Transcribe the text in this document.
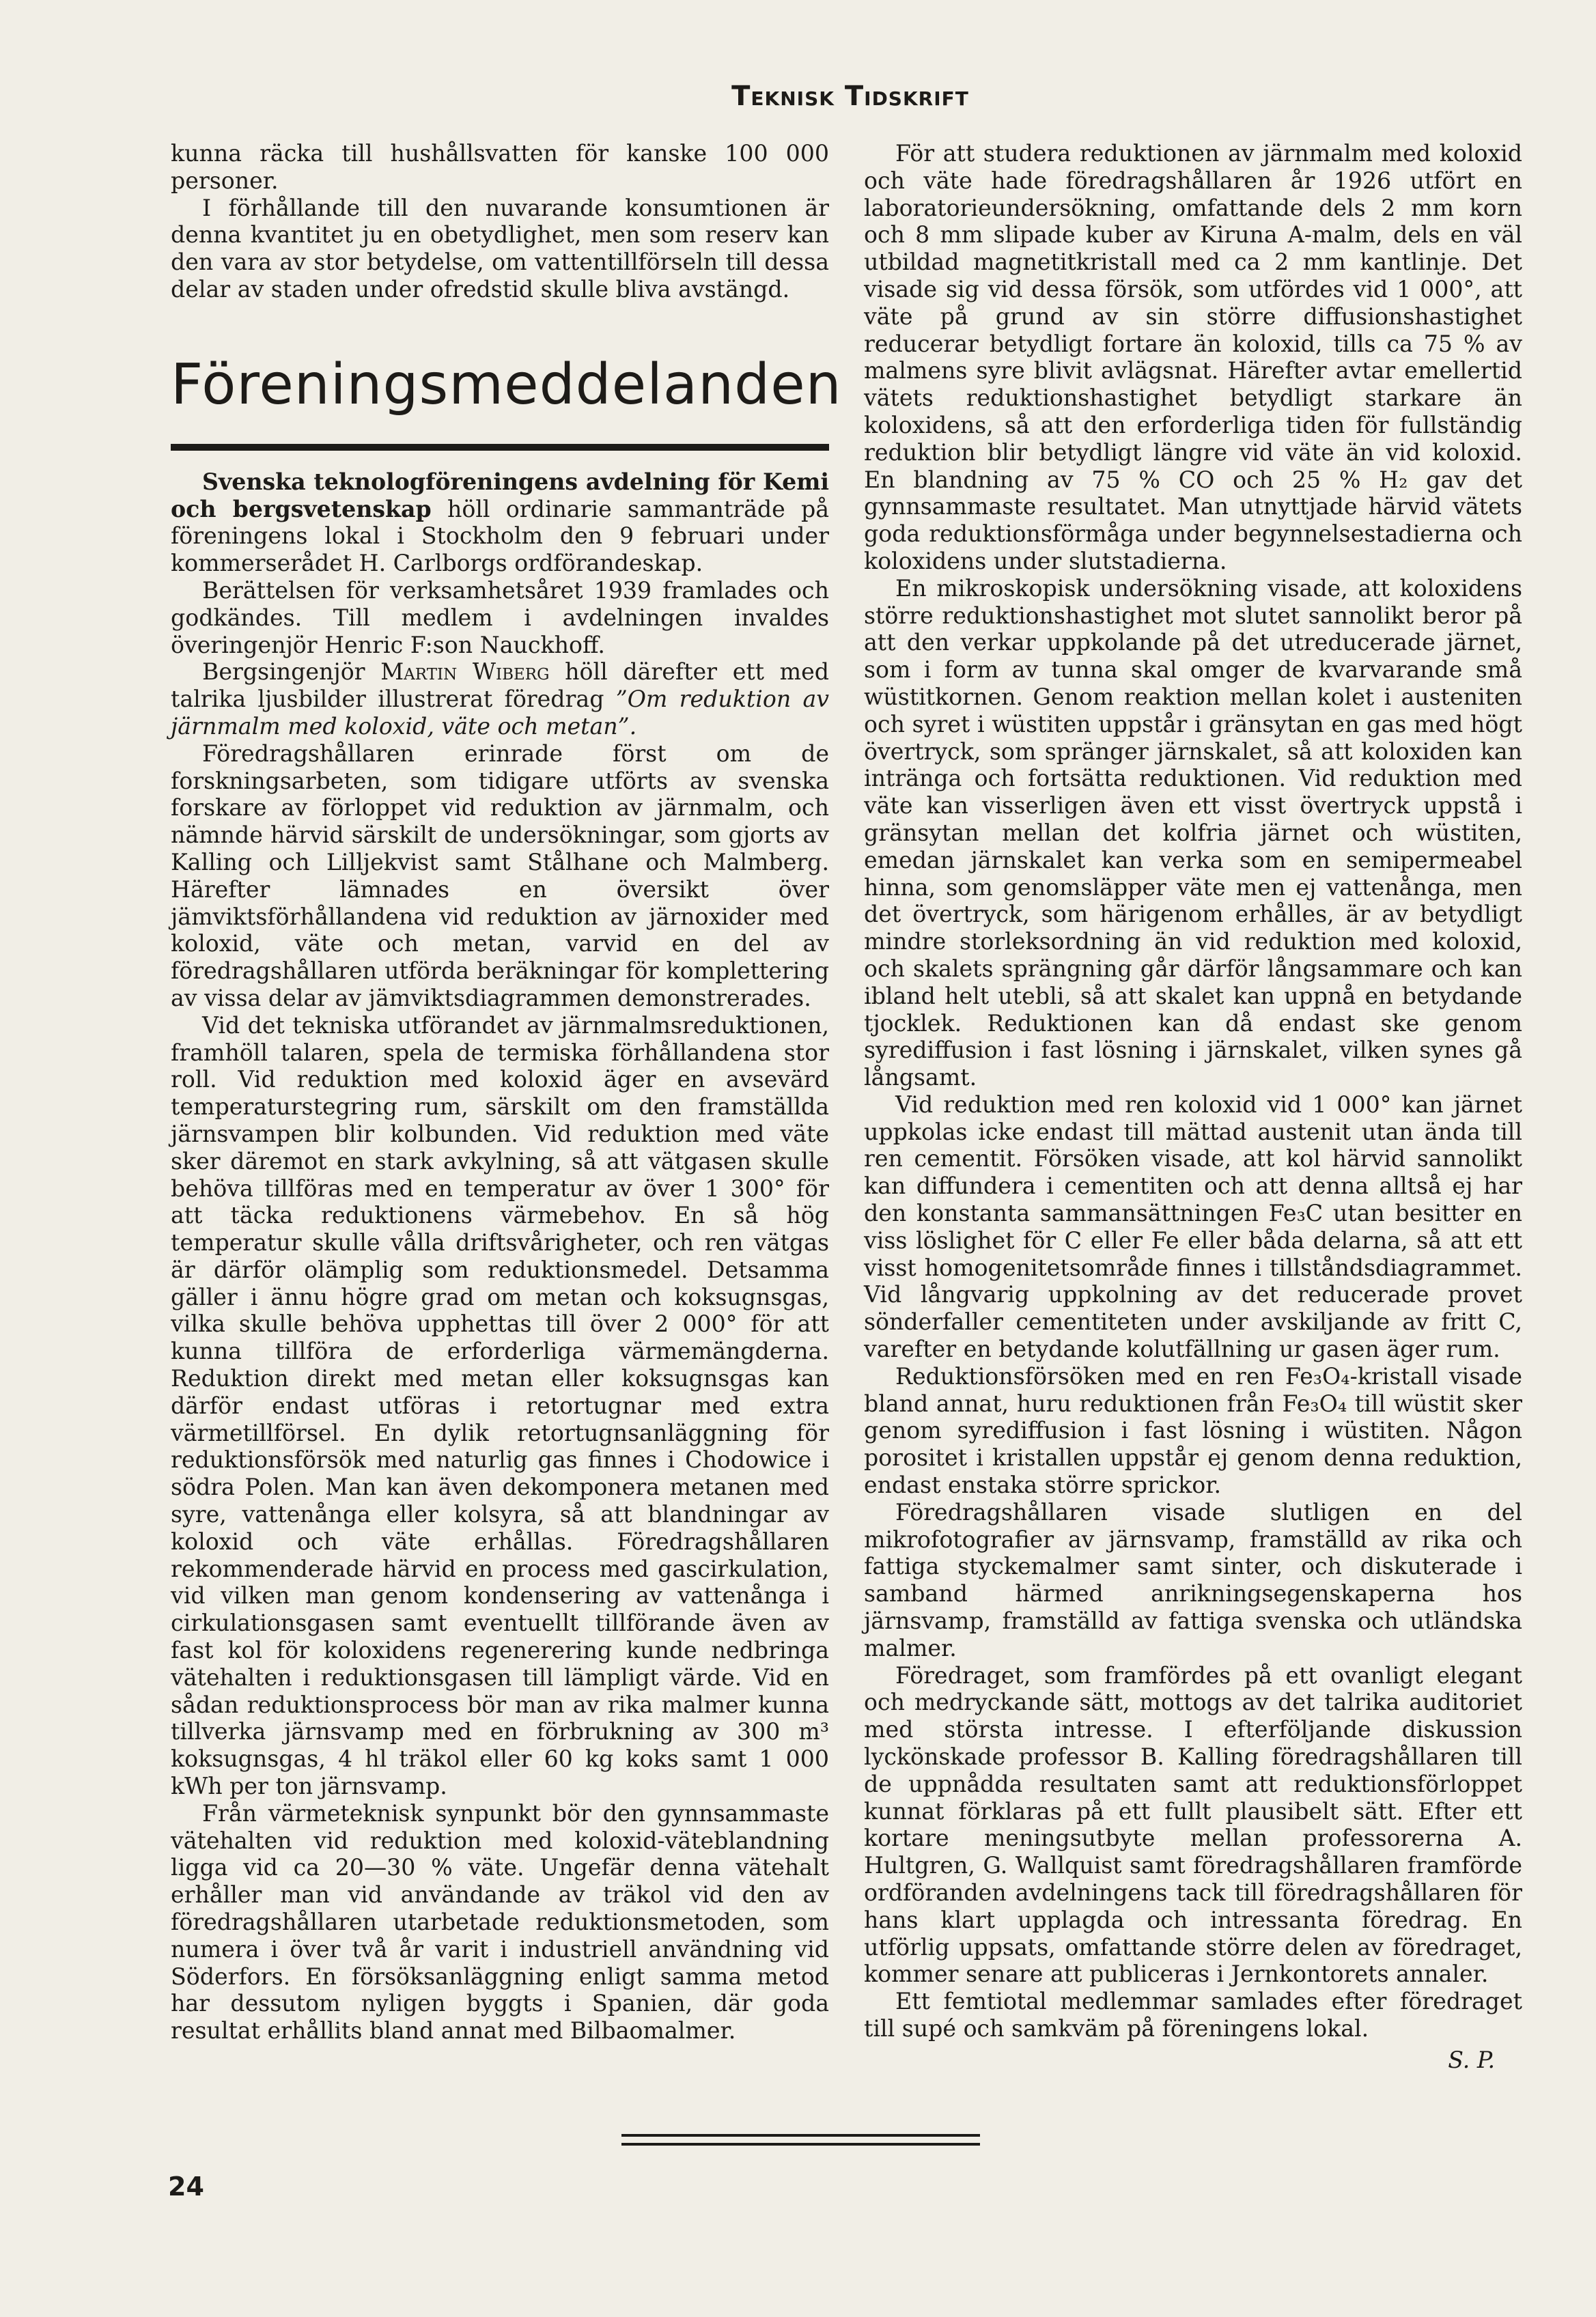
Teknisk Tidskrift

kunna räcka till hushållsvatten för kanske 100 000 personer.

I förhållande till den nuvarande konsumtionen är denna kvantitet ju en obetydlighet, men som reserv kan den vara av stor betydelse, om vattentillförseln till dessa delar av staden under ofredstid skulle bliva avstängd.

Föreningsmeddelanden

Svenska teknologföreningens avdelning för Kemi och bergsvetenskap höll ordinarie sammanträde på föreningens lokal i Stockholm den 9 februari under kommerserådet H. Carlborgs ordförandeskap.

Berättelsen för verksamhetsåret 1939 framlades och godkändes. Till medlem i avdelningen invaldes överingenjör Henric F:son Nauckhoff.

Bergsingenjör Martin Wiberg höll därefter ett med talrika ljusbilder illustrerat föredrag ”Om reduktion av järnmalm med koloxid, väte och metan”.

Föredragshållaren erinrade först om de forskningsarbeten, som tidigare utförts av svenska forskare av förloppet vid reduktion av järnmalm, och nämnde härvid särskilt de undersökningar, som gjorts av Kalling och Lilljekvist samt Stålhane och Malmberg. Härefter lämnades en översikt över jämviktsförhållandena vid reduktion av järnoxider med koloxid, väte och metan, varvid en del av föredragshållaren utförda beräkningar för komplettering av vissa delar av jämviktsdiagrammen demonstrerades.

Vid det tekniska utförandet av järnmalmsreduktionen, framhöll talaren, spela de termiska förhållandena stor roll. Vid reduktion med koloxid äger en avsevärd temperaturstegring rum, särskilt om den framställda järnsvampen blir kolbunden. Vid reduktion med väte sker däremot en stark avkylning, så att vätgasen skulle behöva tillföras med en temperatur av över 1 300° för att täcka reduktionens värmebehov. En så hög temperatur skulle vålla driftsvårigheter, och ren vätgas är därför olämplig som reduktionsmedel. Detsamma gäller i ännu högre grad om metan och koksugnsgas, vilka skulle behöva upphettas till över 2 000° för att kunna tillföra de erforderliga värmemängderna. Reduktion direkt med metan eller koksugnsgas kan därför endast utföras i retortugnar med extra värmetillförsel. En dylik retortugnsanläggning för reduktionsförsök med naturlig gas finnes i Chodowice i södra Polen. Man kan även dekomponera metanen med syre, vattenånga eller kolsyra, så att blandningar av koloxid och väte erhållas. Föredragshållaren rekommenderade härvid en process med gascirkulation, vid vilken man genom kondensering av vattenånga i cirkulationsgasen samt eventuellt tillförande även av fast kol för koloxidens regenerering kunde nedbringa vätehalten i reduktionsgasen till lämpligt värde. Vid en sådan reduktionsprocess bör man av rika malmer kunna tillverka järnsvamp med en förbrukning av 300 m³ koksugnsgas, 4 hl träkol eller 60 kg koks samt 1 000 kWh per ton järnsvamp.

Från värmeteknisk synpunkt bör den gynnsammaste vätehalten vid reduktion med koloxid-väteblandning ligga vid ca 20—30 % väte. Ungefär denna vätehalt erhåller man vid användande av träkol vid den av föredragshållaren utarbetade reduktionsmetoden, som numera i över två år varit i industriell användning vid Söderfors. En försöksanläggning enligt samma metod har dessutom nyligen byggts i Spanien, där goda resultat erhållits bland annat med Bilbaomalmer.

För att studera reduktionen av järnmalm med koloxid och väte hade föredragshållaren år 1926 utfört en laboratorieundersökning, omfattande dels 2 mm korn och 8 mm slipade kuber av Kiruna A-malm, dels en väl utbildad magnetitkristall med ca 2 mm kantlinje. Det visade sig vid dessa försök, som utfördes vid 1 000°, att väte på grund av sin större diffusionshastighet reducerar betydligt fortare än koloxid, tills ca 75 % av malmens syre blivit avlägsnat. Härefter avtar emellertid vätets reduktionshastighet betydligt starkare än koloxidens, så att den erforderliga tiden för fullständig reduktion blir betydligt längre vid väte än vid koloxid. En blandning av 75 % CO och 25 % H₂ gav det gynnsammaste resultatet. Man utnyttjade härvid vätets goda reduktionsförmåga under begynnelsestadierna och koloxidens under slutstadierna.

En mikroskopisk undersökning visade, att koloxidens större reduktionshastighet mot slutet sannolikt beror på att den verkar uppkolande på det utreducerade järnet, som i form av tunna skal omger de kvarvarande små wüstitkornen. Genom reaktion mellan kolet i austeniten och syret i wüstiten uppstår i gränsytan en gas med högt övertryck, som spränger järnskalet, så att koloxiden kan intränga och fortsätta reduktionen. Vid reduktion med väte kan visserligen även ett visst övertryck uppstå i gränsytan mellan det kolfria järnet och wüstiten, emedan järnskalet kan verka som en semipermeabel hinna, som genomsläpper väte men ej vattenånga, men det övertryck, som härigenom erhålles, är av betydligt mindre storleksordning än vid reduktion med koloxid, och skalets sprängning går därför långsammare och kan ibland helt utebli, så att skalet kan uppnå en betydande tjocklek. Reduktionen kan då endast ske genom syrediffusion i fast lösning i järnskalet, vilken synes gå långsamt.

Vid reduktion med ren koloxid vid 1 000° kan järnet uppkolas icke endast till mättad austenit utan ända till ren cementit. Försöken visade, att kol härvid sannolikt kan diffundera i cementiten och att denna alltså ej har den konstanta sammansättningen Fe₃C utan besitter en viss löslighet för C eller Fe eller båda delarna, så att ett visst homogenitetsområde finnes i tillståndsdiagrammet. Vid långvarig uppkolning av det reducerade provet sönderfaller cementiteten under avskiljande av fritt C, varefter en betydande kolutfällning ur gasen äger rum.

Reduktionsförsöken med en ren Fe₃O₄-kristall visade bland annat, huru reduktionen från Fe₃O₄ till wüstit sker genom syrediffusion i fast lösning i wüstiten. Någon porositet i kristallen uppstår ej genom denna reduktion, endast enstaka större sprickor.

Föredragshållaren visade slutligen en del mikrofotografier av järnsvamp, framställd av rika och fattiga styckemalmer samt sinter, och diskuterade i samband härmed anrikningsegenskaperna hos järnsvamp, framställd av fattiga svenska och utländska malmer.

Föredraget, som framfördes på ett ovanligt elegant och medryckande sätt, mottogs av det talrika auditoriet med största intresse. I efterföljande diskussion lyckönskade professor B. Kalling föredragshållaren till de uppnådda resultaten samt att reduktionsförloppet kunnat förklaras på ett fullt plausibelt sätt. Efter ett kortare meningsutbyte mellan professorerna A. Hultgren, G. Wallquist samt föredragshållaren framförde ordföranden avdelningens tack till föredragshållaren för hans klart upplagda och intressanta föredrag. En utförlig uppsats, omfattande större delen av föredraget, kommer senare att publiceras i Jernkontorets annaler.

Ett femtiotal medlemmar samlades efter föredraget till supé och samkväm på föreningens lokal.

S. P.
24
